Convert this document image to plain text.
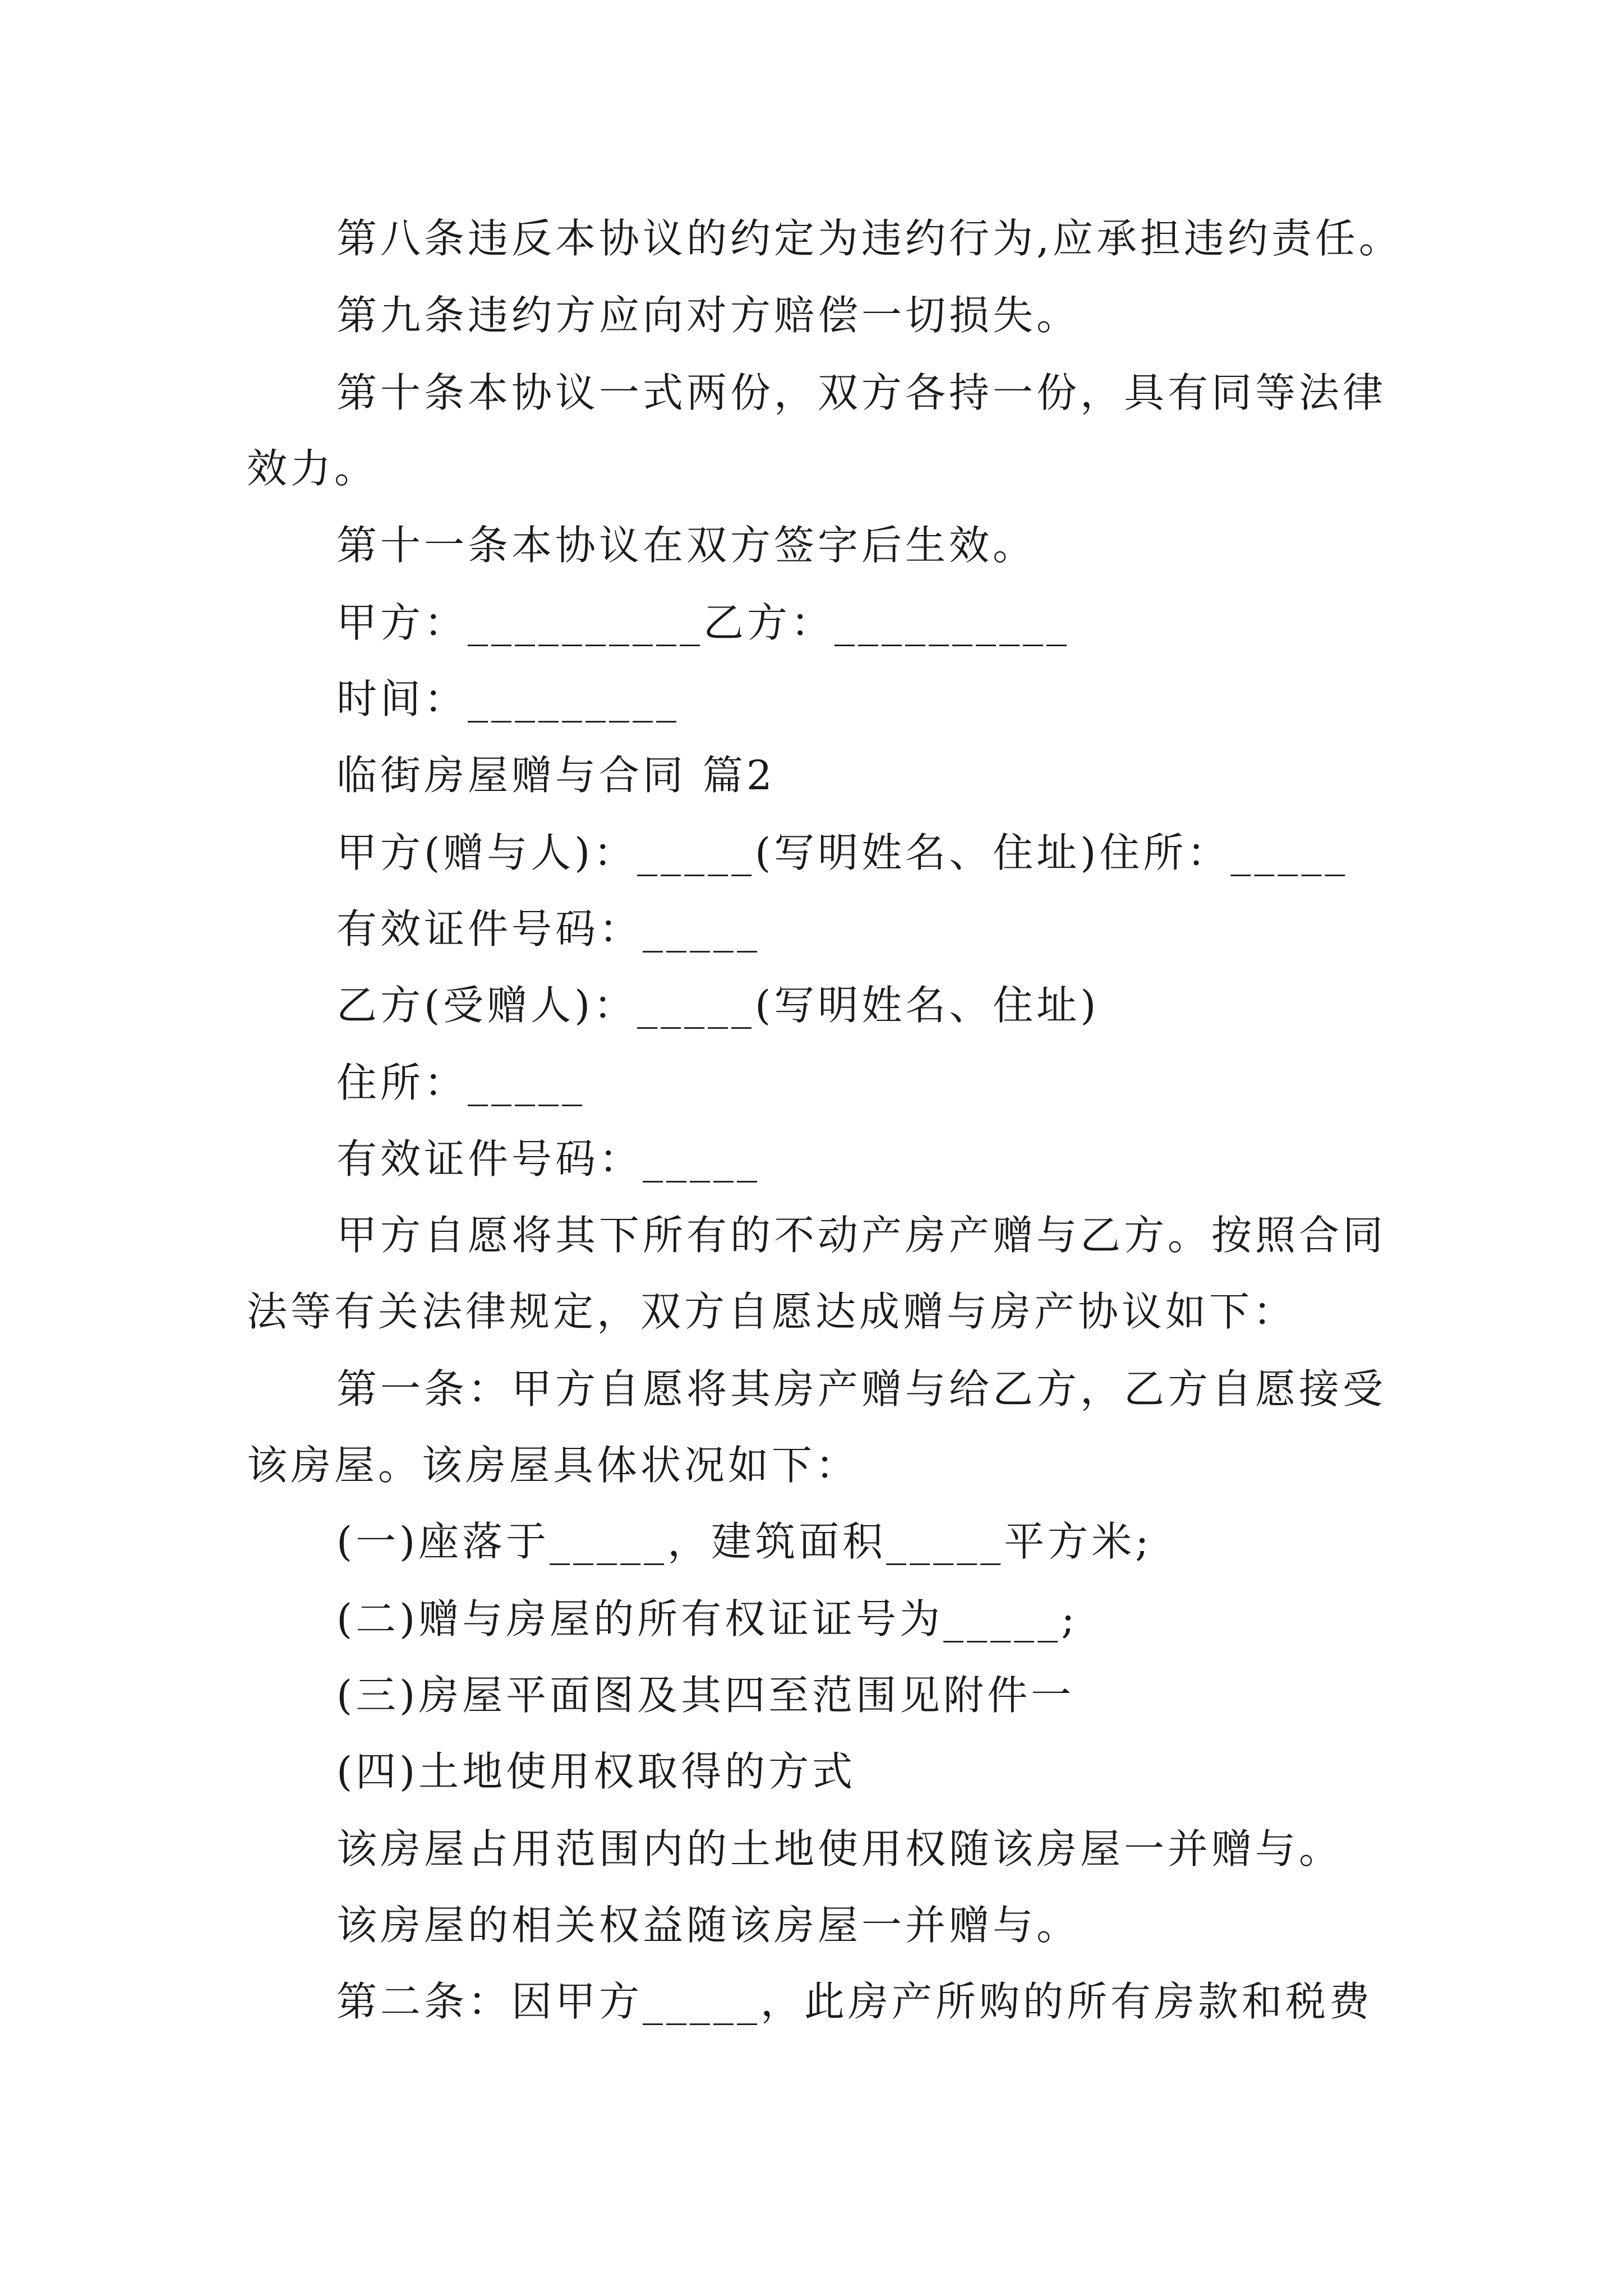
第八条违反本协议的约定为违约行为,应承担违约责任。
第九条违约方应向对方赔偿一切损失。
第十条本协议一式两份，双方各持一份，具有同等法律
效力。
第十一条本协议在双方签字后生效。
甲方：__________乙方：__________
时间：_________
临街房屋赠与合同 篇2
甲方(赠与人)：_____(写明姓名、住址)住所：_____
有效证件号码：_____
乙方(受赠人)：_____(写明姓名、住址)
住所：_____
有效证件号码：_____
甲方自愿将其下所有的不动产房产赠与乙方。按照合同
法等有关法律规定，双方自愿达成赠与房产协议如下：
第一条：甲方自愿将其房产赠与给乙方，乙方自愿接受
该房屋。该房屋具体状况如下：
(一)座落于_____，建筑面积_____平方米;
(二)赠与房屋的所有权证证号为_____;
(三)房屋平面图及其四至范围见附件一
(四)土地使用权取得的方式
该房屋占用范围内的土地使用权随该房屋一并赠与。
该房屋的相关权益随该房屋一并赠与。
第二条：因甲方_____，此房产所购的所有房款和税费
